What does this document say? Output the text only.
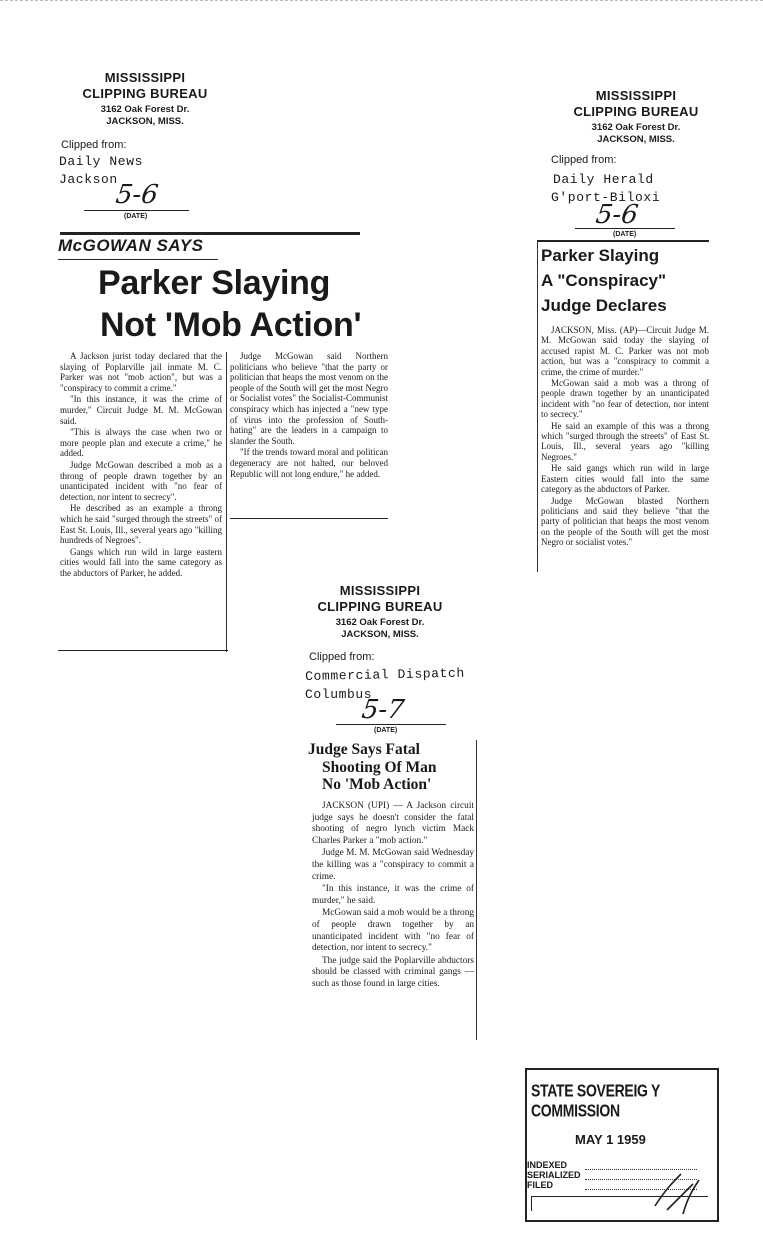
MISSISSIPPI
CLIPPING BUREAU
3162 Oak Forest Dr.
JACKSON, MISS.
Clipped from:
Daily News
Jackson
5-6
(DATE)
McGOWAN SAYS
Parker Slaying
Not 'Mob Action'

A Jackson jurist today declared that the slaying of Poplarville jail inmate M. C. Parker was not "mob action", but was a "conspiracy to commit a crime."

"In this instance, it was the crime of murder," Circuit Judge M. M. McGowan said.

"This is always the case when two or more people plan and execute a crime," he added.

Judge McGowan described a mob as a throng of people drawn together by an unanticipated incident with "no fear of detection, nor intent to secrecy".

He described as an example a throng which he said "surged through the streets" of East St. Louis, Ill., several years ago "killing hundreds of Negroes".

Gangs which run wild in large eastern cities would fall into the same category as the abductors of Parker, he added.

Judge McGowan said Northern politicians who believe "that the party or politician that heaps the most venom on the people of the South will get the most Negro or Socialist votes" the Socialist-Communist conspiracy which has injected a "new type of virus into the profession of South-hating" are the leaders in a campaign to slander the South.

"If the trends toward moral and politican degeneracy are not halted, our beloved Republic will not long endure," he added.

MISSISSIPPI
CLIPPING BUREAU
3162 Oak Forest Dr.
JACKSON, MISS.
Clipped from:
Daily Herald
G'port-Biloxi
5-6
(DATE)
Parker Slaying
A "Conspiracy"
Judge Declares

JACKSON, Miss. (AP)—Circuit Judge M. M. McGowan said today the slaying of accused rapist M. C. Parker was not mob action, but was a "conspiracy to commit a crime, the crime of murder."

McGowan said a mob was a throng of people drawn together by an unanticipated incident with "no fear of detection, nor intent to secrecy."

He said an example of this was a throng which "surged through the streets" of East St. Louis, Ill., several years ago "killing Negroes."

He said gangs which run wild in large Eastern cities would fall into the same category as the abductors of Parker.

Judge McGowan blasted Northern politicians and said they believe "that the party of politician that heaps the most venom on the people of the South will get the most Negro or socialist votes."

MISSISSIPPI
CLIPPING BUREAU
3162 Oak Forest Dr.
JACKSON, MISS.
Clipped from:
Commercial Dispatch
Columbus
5-7
(DATE)
Judge Says Fatal
Shooting Of Man
No 'Mob Action'

JACKSON (UPI) — A Jackson circuit judge says he doesn't consider the fatal shooting of negro lynch victim Mack Charles Parker a "mob action."

Judge M. M. McGowan said Wednesday the killing was a "conspiracy to commit a crime.

"In this instance, it was the crime of murder," he said.

McGowan said a mob would be a throng of people drawn together by an unanticipated incident with "no fear of detection, nor intent to secrecy."

The judge said the Poplarville abductors should be classed with criminal gangs — such as those found in large cities.

STATE SOVEREIG Y COMMISSION
MAY 1 1959
INDEXED
SERIALIZED
FILED
